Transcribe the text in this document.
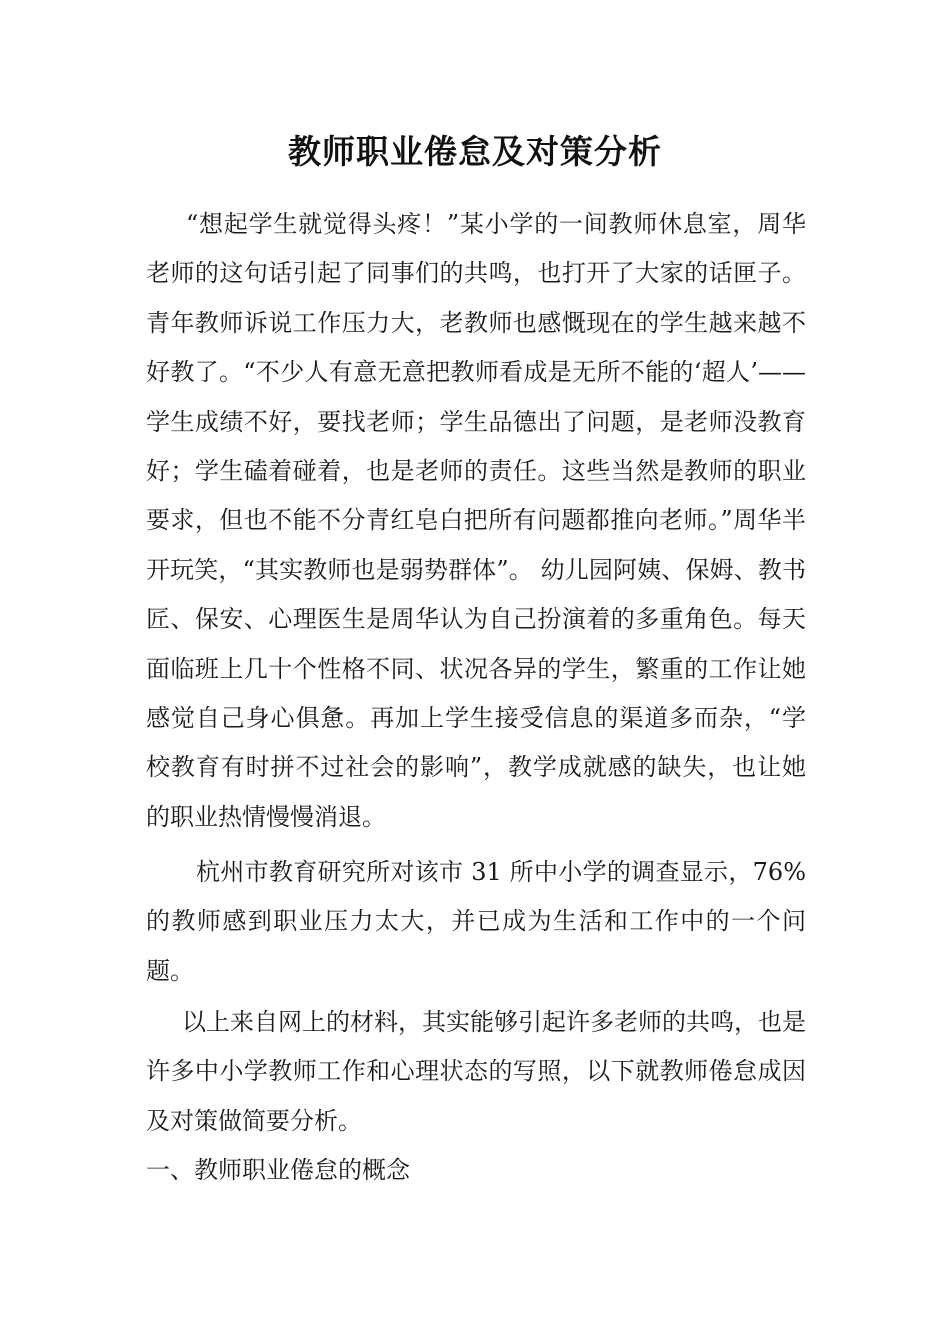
教师职业倦怠及对策分析

“想起学生就觉得头疼！”某小学的一间教师休息室，周华老师的这句话引起了同事们的共鸣，也打开了大家的话匣子。青年教师诉说工作压力大，老教师也感慨现在的学生越来越不好教了。“不少人有意无意把教师看成是无所不能的‘超人’——学生成绩不好，要找老师；学生品德出了问题，是老师没教育好；学生磕着碰着，也是老师的责任。这些当然是教师的职业要求，但也不能不分青红皂白把所有问题都推向老师。”周华半开玩笑，“其实教师也是弱势群体”。 幼儿园阿姨、保姆、教书匠、保安、心理医生是周华认为自己扮演着的多重角色。每天面临班上几十个性格不同、状况各异的学生，繁重的工作让她感觉自己身心俱惫。再加上学生接受信息的渠道多而杂，“学校教育有时拼不过社会的影响”，教学成就感的缺失，也让她的职业热情慢慢消退。

杭州市教育研究所对该市 31 所中小学的调查显示，76%的教师感到职业压力太大，并已成为生活和工作中的一个问题。

以上来自网上的材料，其实能够引起许多老师的共鸣，也是许多中小学教师工作和心理状态的写照，以下就教师倦怠成因及对策做简要分析。

一、教师职业倦怠的概念
